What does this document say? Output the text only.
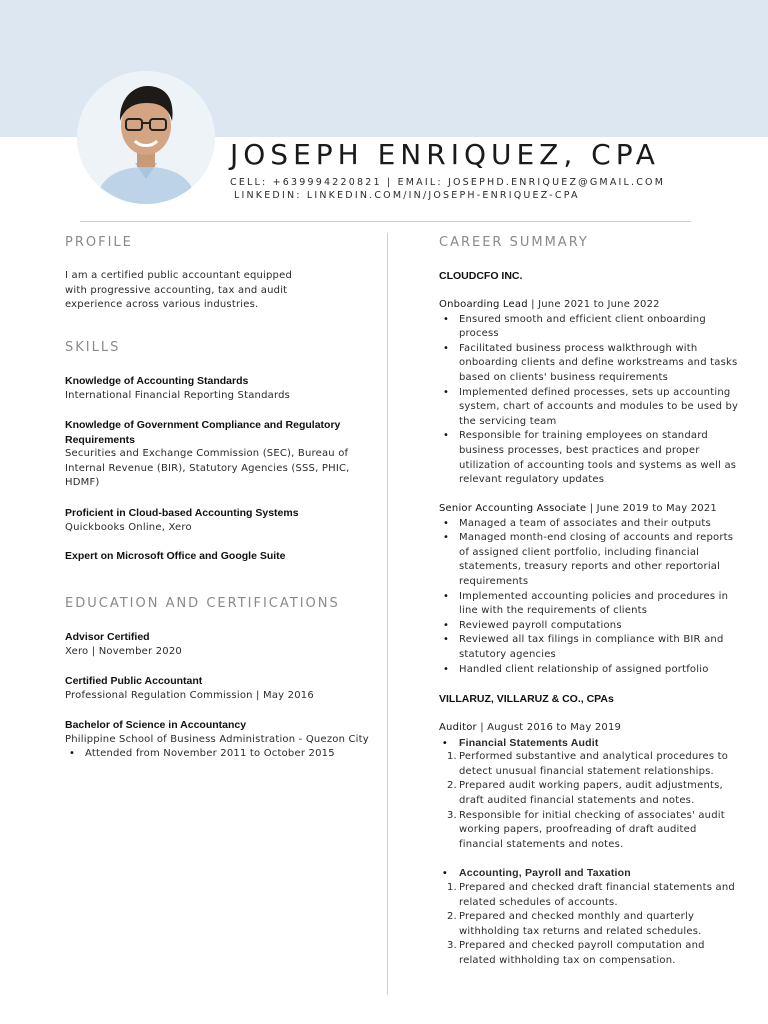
JOSEPH ENRIQUEZ, CPA
CELL: +639994220821 | EMAIL: JOSEPHD.ENRIQUEZ@GMAIL.COM
LINKEDIN: LINKEDIN.COM/IN/JOSEPH-ENRIQUEZ-CPA
PROFILE
I am a certified public accountant equipped
with progressive accounting, tax and audit
experience across various industries.
SKILLS
Knowledge of Accounting Standards
International Financial Reporting Standards
Knowledge of Government Compliance and Regulatory
Requirements
Securities and Exchange Commission (SEC), Bureau of
Internal Revenue (BIR), Statutory Agencies (SSS, PHIC,
HDMF)
Proficient in Cloud-based Accounting Systems
Quickbooks Online, Xero
Expert on Microsoft Office and Google Suite
EDUCATION AND CERTIFICATIONS
Advisor Certified
Xero | November 2020
Certified Public Accountant
Professional Regulation Commission | May 2016
Bachelor of Science in Accountancy
Philippine School of Business Administration - Quezon City
• Attended from November 2011 to October 2015
CAREER SUMMARY
CLOUDCFO INC.
Onboarding Lead | June 2021 to June 2022
• Ensured smooth and efficient client onboarding
process
• Facilitated business process walkthrough with
onboarding clients and define workstreams and tasks
based on clients' business requirements
• Implemented defined processes, sets up accounting
system, chart of accounts and modules to be used by
the servicing team
• Responsible for training employees on standard
business processes, best practices and proper
utilization of accounting tools and systems as well as
relevant regulatory updates
Senior Accounting Associate | June 2019 to May 2021
• Managed a team of associates and their outputs
• Managed month-end closing of accounts and reports
of assigned client portfolio, including financial
statements, treasury reports and other reportorial
requirements
• Implemented accounting policies and procedures in
line with the requirements of clients
• Reviewed payroll computations
• Reviewed all tax filings in compliance with BIR and
statutory agencies
• Handled client relationship of assigned portfolio
VILLARUZ, VILLARUZ & CO., CPAs
Auditor | August 2016 to May 2019
• Financial Statements Audit
1. Performed substantive and analytical procedures to
detect unusual financial statement relationships.
2. Prepared audit working papers, audit adjustments,
draft audited financial statements and notes.
3. Responsible for initial checking of associates' audit
working papers, proofreading of draft audited
financial statements and notes.
• Accounting, Payroll and Taxation
1. Prepared and checked draft financial statements and
related schedules of accounts.
2. Prepared and checked monthly and quarterly
withholding tax returns and related schedules.
3. Prepared and checked payroll computation and
related withholding tax on compensation.
